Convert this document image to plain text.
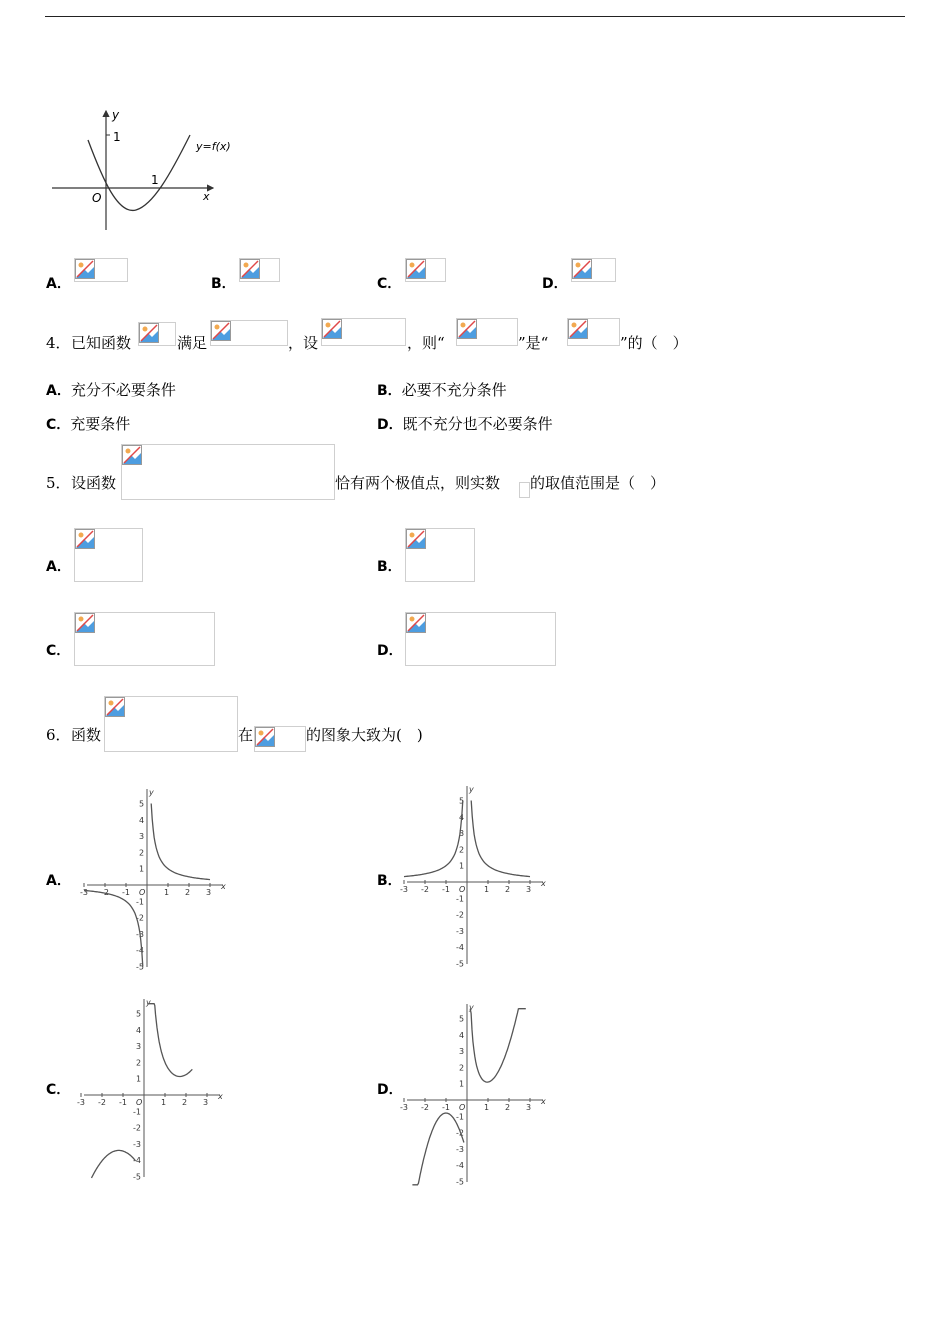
y
1
1
O	x
y=f(x)
A．	B．	C．	D．
4． 已知函数	满足	，设	，则“	”是“	”的（　）
A．充分不必要条件	B．必要不充分条件
C．充要条件	D．既不充分也不必要条件
5． 设函数	恰有两个极值点，则实数 的取值范围是（　）
A．	B．
C．	D．
6． 函数	在	的图象大致为(　)
A．	B．
C．	D．
-3 -2 -1	1 2 3
5
4
3
2
1
-1
-2
-3
-4
-5
O
x
y
-3 -2 -1	1 2 3
5
4
3
2
1
-1
-2
-3
-4
-5
O
x
y
-3 -2 -1	1 2 3
5
4
3
2
1
-1
-2
-3
-4
-5
O
x
y
-3 -2 -1	1 2 3
5
4
3
2
1
-1
-2
-3
-4
-5
O
x
y
